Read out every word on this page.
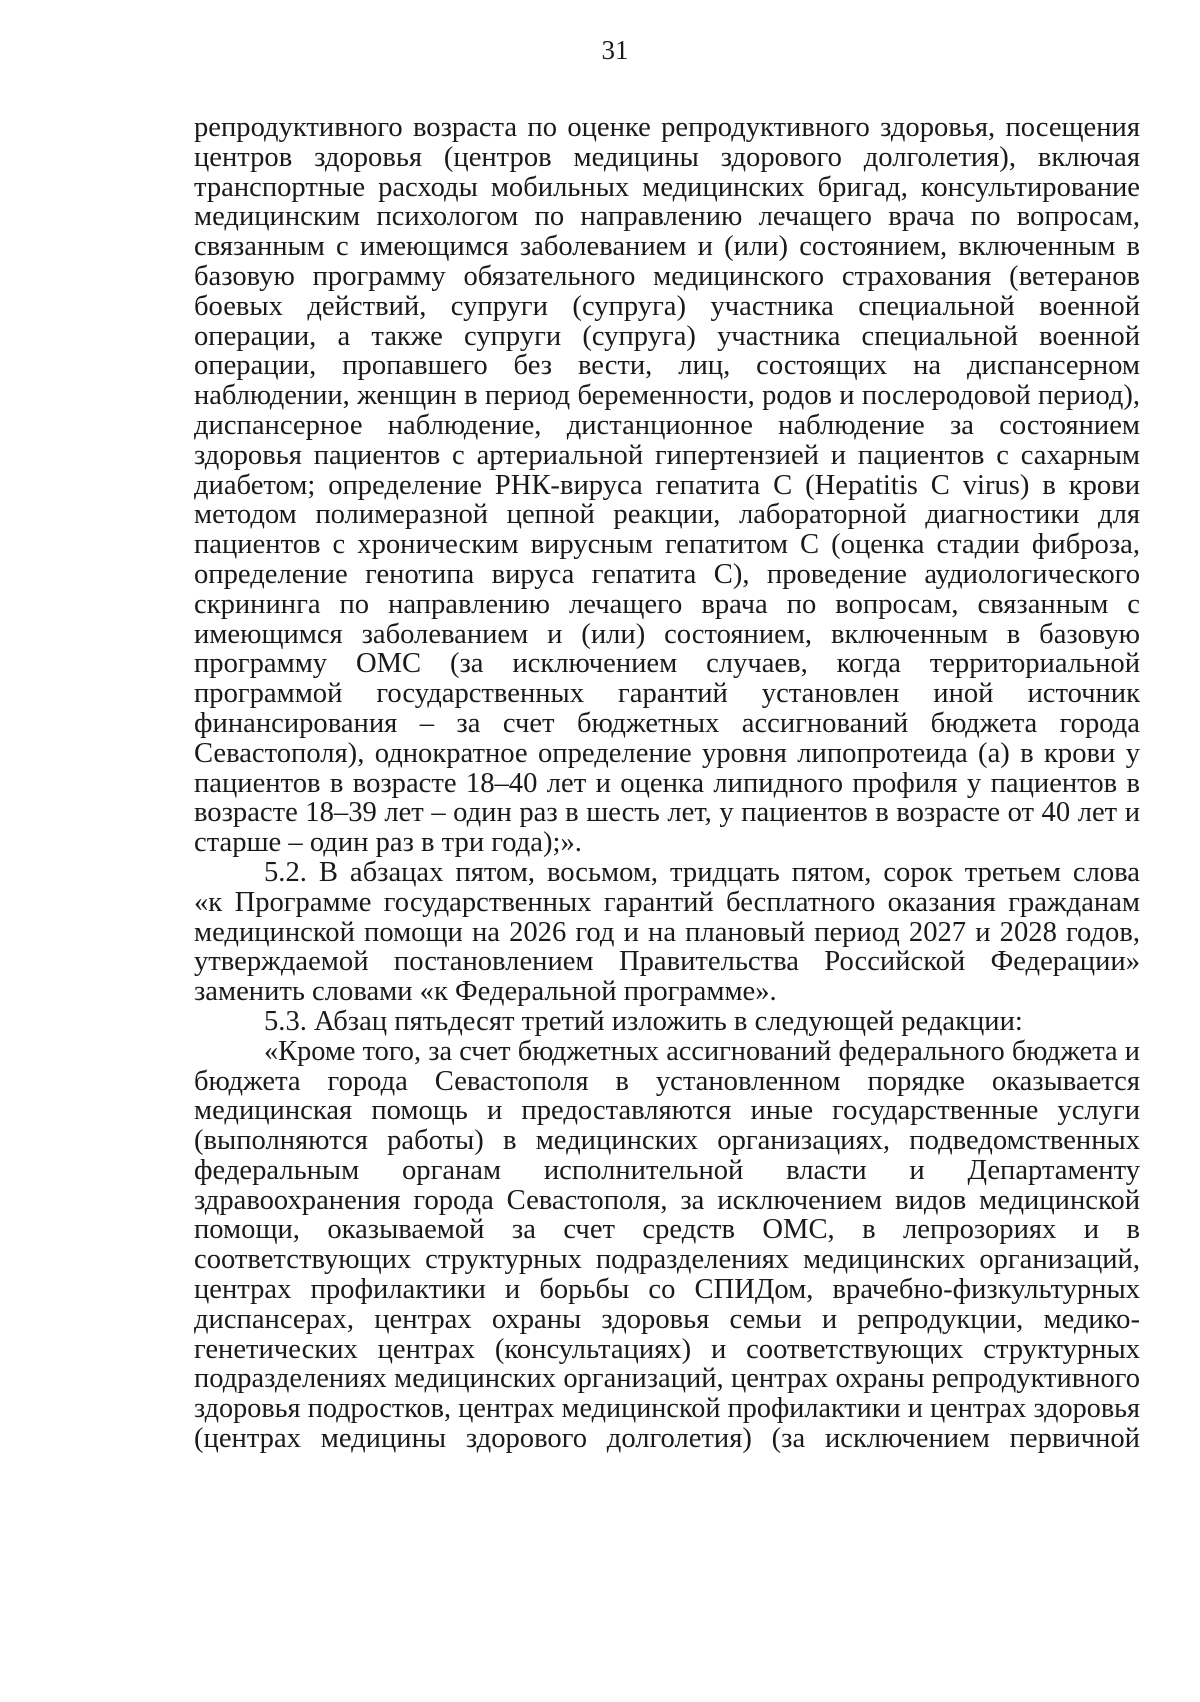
31

репродуктивного возраста по оценке репродуктивного здоровья, посещения
центров здоровья (центров медицины здорового долголетия), включая
транспортные расходы мобильных медицинских бригад, консультирование
медицинским психологом по направлению лечащего врача по вопросам,
связанным с имеющимся заболеванием и (или) состоянием, включенным в
базовую программу обязательного медицинского страхования (ветеранов
боевых действий, супруги (супруга) участника специальной военной
операции, а также супруги (супруга) участника специальной военной
операции, пропавшего без вести, лиц, состоящих на диспансерном
наблюдении, женщин в период беременности, родов и послеродовой период),
диспансерное наблюдение, дистанционное наблюдение за состоянием
здоровья пациентов с артериальной гипертензией и пациентов с сахарным
диабетом; определение РНК-вируса гепатита С (Hepatitis C virus) в крови
методом полимеразной цепной реакции, лабораторной диагностики для
пациентов с хроническим вирусным гепатитом С (оценка стадии фиброза,
определение генотипа вируса гепатита С), проведение аудиологического
скрининга по направлению лечащего врача по вопросам, связанным с
имеющимся заболеванием и (или) состоянием, включенным в базовую
программу ОМС (за исключением случаев, когда территориальной
программой государственных гарантий установлен иной источник
финансирования – за счет бюджетных ассигнований бюджета города
Севастополя), однократное определение уровня липопротеида (а) в крови у
пациентов в возрасте 18–40 лет и оценка липидного профиля у пациентов в
возрасте 18–39 лет – один раз в шесть лет, у пациентов в возрасте от 40 лет и
старше – один раз в три года);».

5.2. В абзацах пятом, восьмом, тридцать пятом, сорок третьем слова
«к Программе государственных гарантий бесплатного оказания гражданам
медицинской помощи на 2026 год и на плановый период 2027 и 2028 годов,
утверждаемой постановлением Правительства Российской Федерации»
заменить словами «к Федеральной программе».

5.3. Абзац пятьдесят третий изложить в следующей редакции:

«Кроме того, за счет бюджетных ассигнований федерального бюджета и
бюджета города Севастополя в установленном порядке оказывается
медицинская помощь и предоставляются иные государственные услуги
(выполняются работы) в медицинских организациях, подведомственных
федеральным органам исполнительной власти и Департаменту
здравоохранения города Севастополя, за исключением видов медицинской
помощи, оказываемой за счет средств ОМС, в лепрозориях и в
соответствующих структурных подразделениях медицинских организаций,
центрах профилактики и борьбы со СПИДом, врачебно-физкультурных
диспансерах, центрах охраны здоровья семьи и репродукции, медико-
генетических центрах (консультациях) и соответствующих структурных
подразделениях медицинских организаций, центрах охраны репродуктивного
здоровья подростков, центрах медицинской профилактики и центрах здоровья
(центрах медицины здорового долголетия) (за исключением первичной
